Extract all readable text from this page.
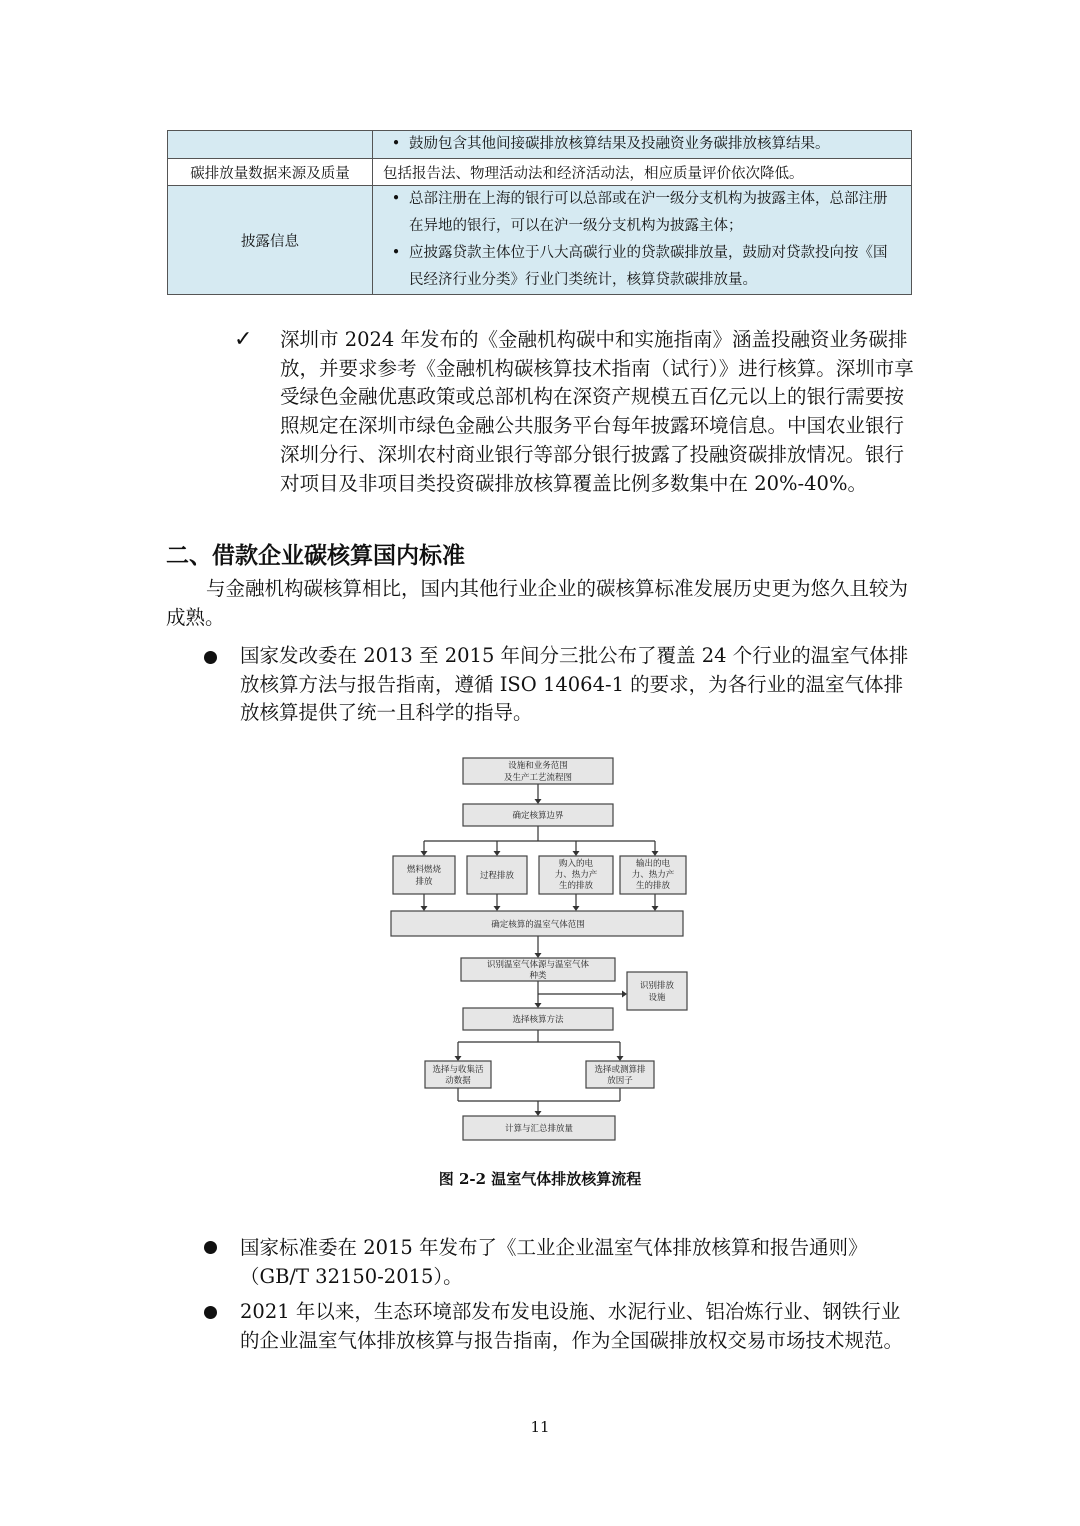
	• 鼓励包含其他间接碳排放核算结果及投融资业务碳排放核算结果。

碳排放量数据来源及质量	包括报告法、物理活动法和经济活动法，相应质量评价依次降低。
披露信息	• 总部注册在上海的银行可以总部或在沪一级分支机构为披露主体，总部注册在异地的银行，可以在沪一级分支机构为披露主体；
• 应披露贷款主体位于八大高碳行业的贷款碳排放量，鼓励对贷款投向按《国民经济行业分类》行业门类统计，核算贷款碳排放量。
✓ 深圳市 2024 年发布的《金融机构碳中和实施指南》涵盖投融资业务碳排放，并要求参考《金融机构碳核算技术指南（试行）》进行核算。深圳市享受绿色金融优惠政策或总部机构在深资产规模五百亿元以上的银行需要按照规定在深圳市绿色金融公共服务平台每年披露环境信息。中国农业银行深圳分行、深圳农村商业银行等部分银行披露了投融资碳排放情况。银行对项目及非项目类投资碳排放核算覆盖比例多数集中在 20%-40%。
二、借款企业碳核算国内标准
与金融机构碳核算相比，国内其他行业企业的碳核算标准发展历史更为悠久且较为成熟。
国家发改委在 2013 至 2015 年间分三批公布了覆盖 24 个行业的温室气体排放核算方法与报告指南，遵循 ISO 14064-1 的要求，为各行业的温室气体排放核算提供了统一且科学的指导。
设施和业务范围
及生产工艺流程图
确定核算边界
燃料燃烧
排放
过程排放
购入的电
力、热力产
生的排放
输出的电
力、热力产
生的排放
确定核算的温室气体范围
识别温室气体源与温室气体
种类
识别排放
设施
选择核算方法
选择与收集活
动数据
选择或测算排
放因子
计算与汇总排放量
图 2-2 温室气体排放核算流程
国家标准委在 2015 年发布了《工业企业温室气体排放核算和报告通则》（GB/T 32150-2015）。
2021 年以来，生态环境部发布发电设施、水泥行业、铝冶炼行业、钢铁行业的企业温室气体排放核算与报告指南，作为全国碳排放权交易市场技术规范。
11
